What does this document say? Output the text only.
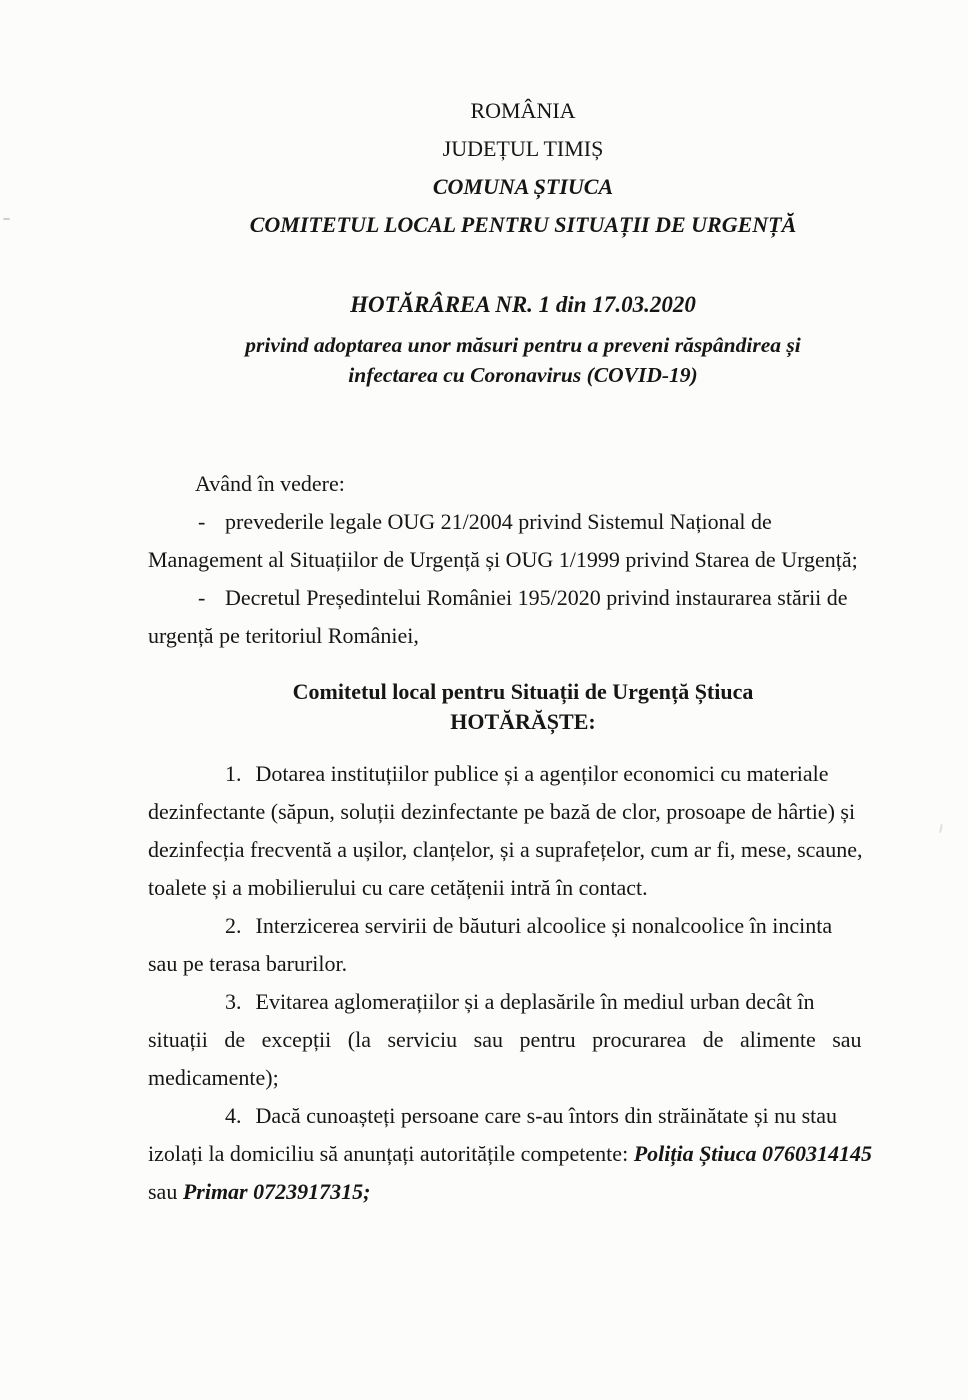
ROMÂNIA
JUDEȚUL TIMIȘ
COMUNA ȘTIUCA
COMITETUL LOCAL PENTRU SITUAȚII DE URGENȚĂ
HOTĂRÂREA NR. 1 din 17.03.2020
privind adoptarea unor măsuri pentru a preveni răspândirea și
infectarea cu Coronavirus (COVID-19)
Având în vedere:
- prevederile legale OUG 21/2004 privind Sistemul Național de
Management al Situațiilor de Urgență și OUG 1/1999 privind Starea de Urgență;
- Decretul Președintelui României 195/2020 privind instaurarea stării de
urgență pe teritoriul României,
Comitetul local pentru Situații de Urgență Știuca
HOTĂRĂȘTE:
1. Dotarea instituțiilor publice și a agenților economici cu materiale
dezinfectante (săpun, soluții dezinfectante pe bază de clor, prosoape de hârtie) și
dezinfecția frecventă a ușilor, clanțelor, și a suprafețelor, cum ar fi, mese, scaune,
toalete și a mobilierului cu care cetățenii intră în contact.
2. Interzicerea servirii de băuturi alcoolice și nonalcoolice în incinta
sau pe terasa barurilor.
3. Evitarea aglomerațiilor și a deplasărilе în mediul urban decât în
situații de excepții (la serviciu sau pentru procurarea de alimente sau
medicamente);
4. Dacă cunoașteți persoane care s-au întors din străinătate și nu stau
izolați la domiciliu să anunțați autoritățile competente: Poliția Știuca 0760314145
sau Primar 0723917315;
